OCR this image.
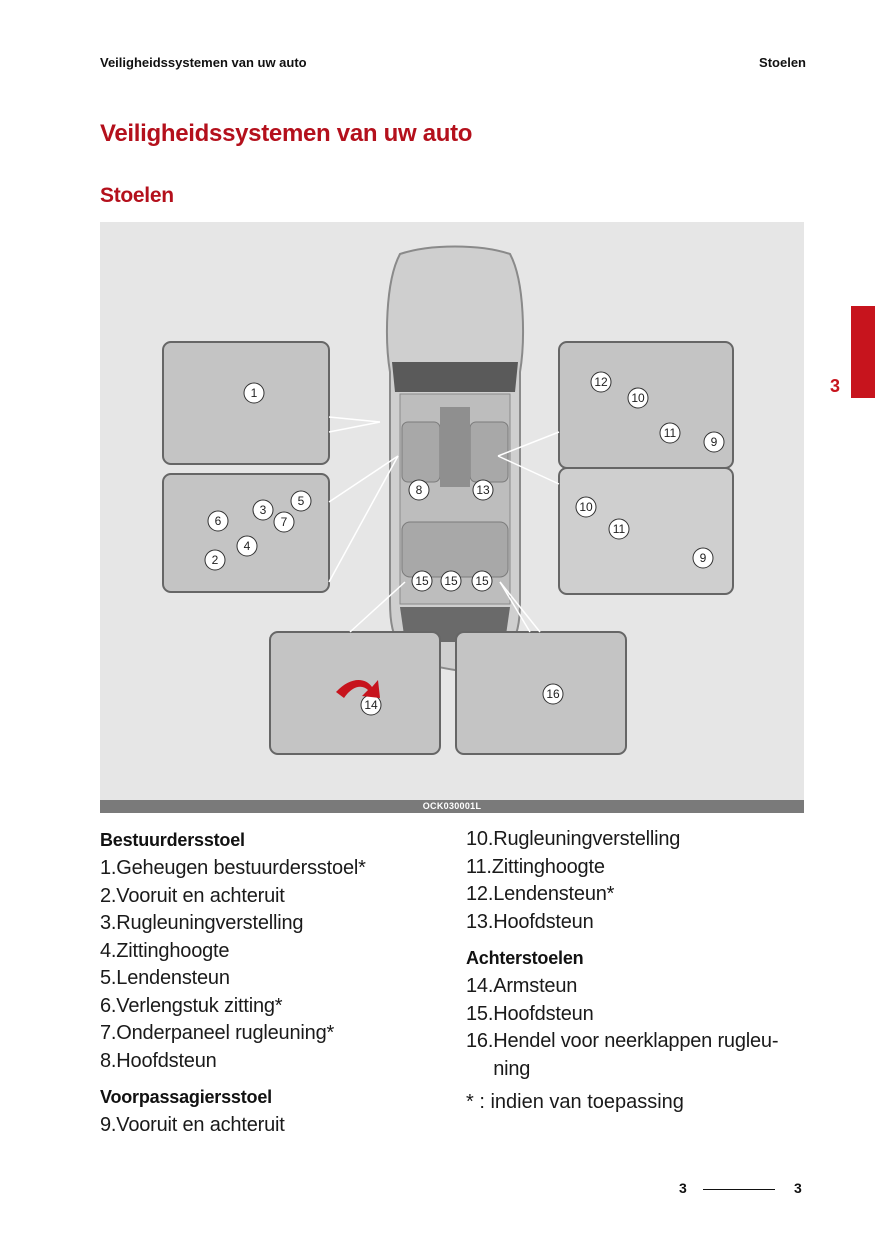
Veiligheidssystemen van uw auto	Stoelen
Veiligheidssystemen van uw auto
Stoelen
3
1
2
3
4
5
6	7
8
9
9
10
10
11
11
12
13
14
15 15 15
16
OCK030001L
Bestuurdersstoel
1. Geheugen bestuurdersstoel*
2. Vooruit en achteruit
3. Rugleuningverstelling
4. Zittinghoogte
5. Lendensteun
6. Verlengstuk zitting*
7. Onderpaneel rugleuning*
8. Hoofdsteun
Voorpassagiersstoel
9. Vooruit en achteruit
10. Rugleuningverstelling
11. Zittinghoogte
12. Lendensteun*
13. Hoofdsteun
Achterstoelen
14. Armsteun
15. Hoofdsteun
16. Hendel voor neerklappen rugleu-ning
* : indien van toepassing
3	3
